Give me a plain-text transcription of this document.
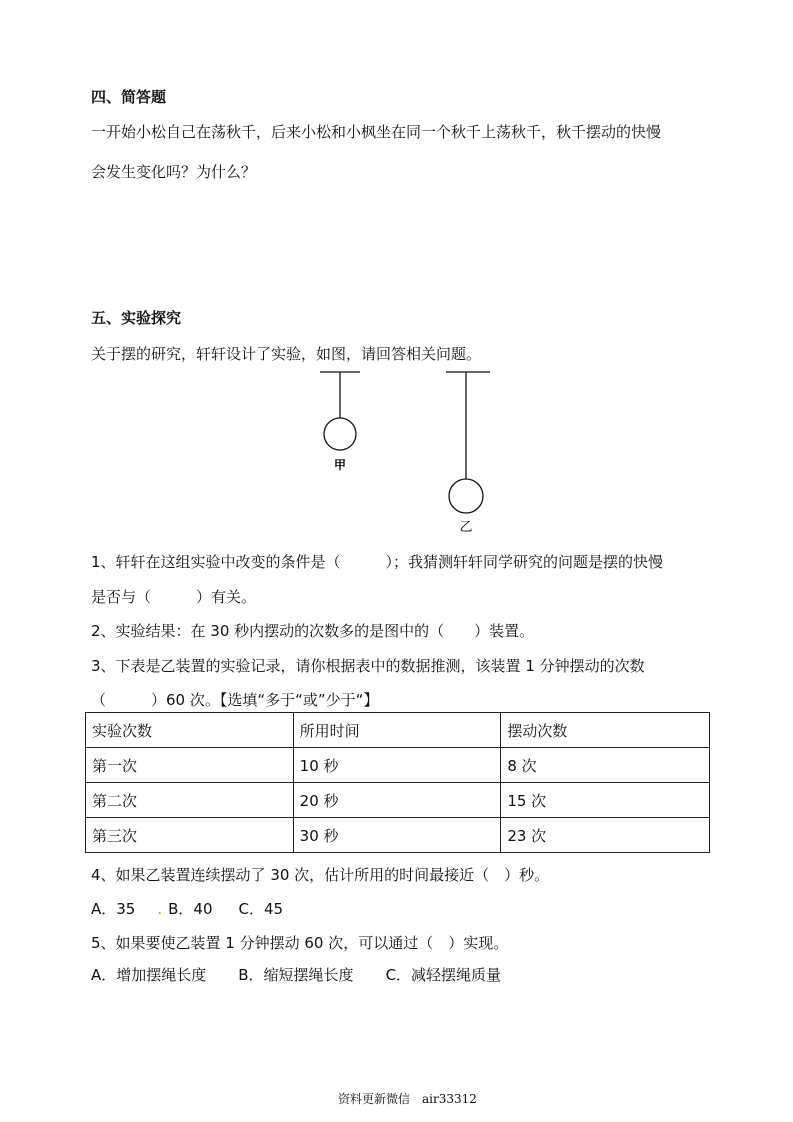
四、简答题
一开始小松自己在荡秋千，后来小松和小枫坐在同一个秋千上荡秋千，秋千摆动的快慢
会发生变化吗？为什么？
五、实验探究
关于摆的研究，轩轩设计了实验，如图，请回答相关问题。
甲
乙
1、轩轩在这组实验中改变的条件是（　　　）；我猜测轩轩同学研究的问题是摆的快慢
是否与（　　　）有关。
2、实验结果：在 30 秒内摆动的次数多的是图中的（　　）装置。
3、下表是乙装置的实验记录，请你根据表中的数据推测，该装置 1 分钟摆动的次数
（　　　）60 次。【选填“多于“或”少于“】
实验次数	所用时间	摆动次数
第一次	10 秒	8 次
第二次	20 秒	15 次
第三次	30 秒	23 次
4、如果乙装置连续摆动了 30 次，估计所用的时间最接近（　）秒。
A．35 . B．40 C．45
5、如果要使乙装置 1 分钟摆动 60 次，可以通过（　）实现。
A．增加摆绳长度 B．缩短摆绳长度 C．减轻摆绳质量
资料更新微信　air33312
